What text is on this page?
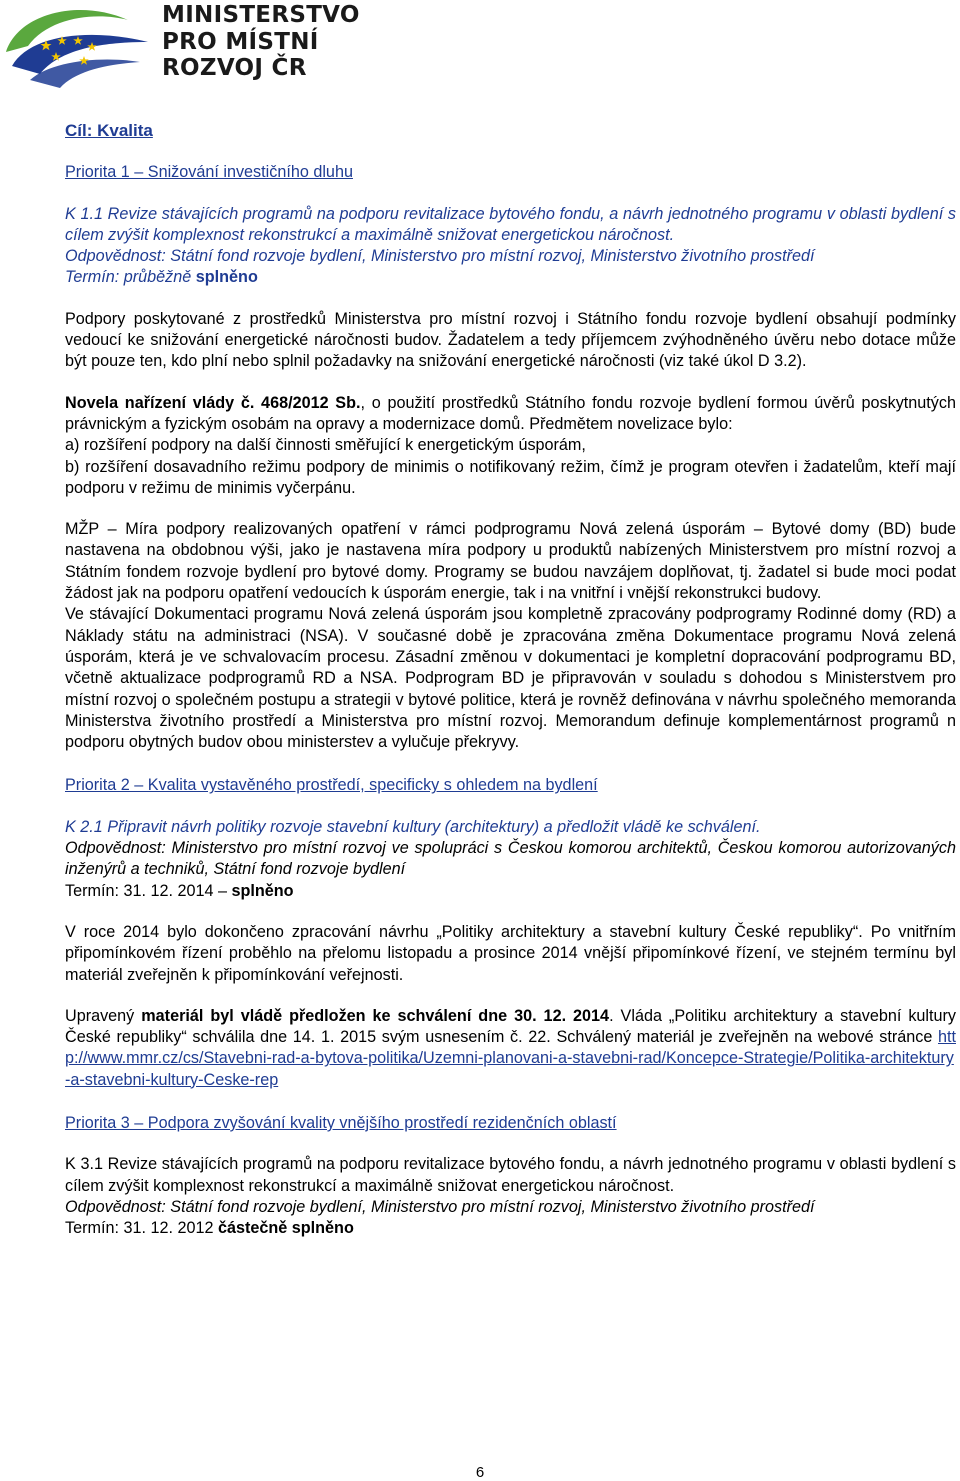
MINISTERSTVO
PRO MÍSTNÍ
ROZVOJ ČR

Cíl: Kvalita

Priorita 1 – Snižování investičního dluhu

K 1.1 Revize stávajících programů na podporu revitalizace bytového fondu, a návrh jednotného programu v oblasti bydlení s cílem zvýšit komplexnost rekonstrukcí a maximálně snižovat energetickou náročnost.

Odpovědnost: Státní fond rozvoje bydlení, Ministerstvo pro místní rozvoj, Ministerstvo životního prostředí

Termín: průběžně splněno

Podpory poskytované z prostředků Ministerstva pro místní rozvoj i Státního fondu rozvoje bydlení obsahují podmínky vedoucí ke snižování energetické náročnosti budov. Žadatelem a tedy příjemcem zvýhodněného úvěru nebo dotace může být pouze ten, kdo plní nebo splnil požadavky na snižování energetické náročnosti (viz také úkol D 3.2).

Novela nařízení vlády č. 468/2012 Sb., o použití prostředků Státního fondu rozvoje bydlení formou úvěrů poskytnutých právnickým a fyzickým osobám na opravy a modernizace domů. Předmětem novelizace bylo:

a) rozšíření podpory na další činnosti směřující k energetickým úsporám,

b) rozšíření dosavadního režimu podpory de minimis o notifikovaný režim, čímž je program otevřen i žadatelům, kteří mají podporu v režimu de minimis vyčerpánu.

MŽP – Míra podpory realizovaných opatření v rámci podprogramu Nová zelená úsporám – Bytové domy (BD) bude nastavena na obdobnou výši, jako je nastavena míra podpory u produktů nabízených Ministerstvem pro místní rozvoj a Státním fondem rozvoje bydlení pro bytové domy. Programy se budou navzájem doplňovat, tj. žadatel si bude moci podat žádost jak na podporu opatření vedoucích k úsporám energie, tak i na vnitřní i vnější rekonstrukci budovy.

Ve stávající Dokumentaci programu Nová zelená úsporám jsou kompletně zpracovány podprogramy Rodinné domy (RD) a Náklady státu na administraci (NSA). V současné době je zpracována změna Dokumentace programu Nová zelená úsporám, která je ve schvalovacím procesu. Zásadní změnou v dokumentaci je kompletní dopracování podprogramu BD, včetně aktualizace podprogramů RD a NSA. Podprogram BD je připravován v souladu s dohodou s Ministerstvem pro místní rozvoj o společném postupu a strategii v bytové politice, která je rovněž definována v návrhu společného memoranda Ministerstva životního prostředí a Ministerstva pro místní rozvoj. Memorandum definuje komplementárnost programů n podporu obytných budov obou ministerstev a vylučuje překryvy.

Priorita 2 – Kvalita vystavěného prostředí, specificky s ohledem na bydlení

K 2.1 Připravit návrh politiky rozvoje stavební kultury (architektury) a předložit vládě ke schválení.

Odpovědnost: Ministerstvo pro místní rozvoj ve spolupráci s Českou komorou architektů, Českou komorou autorizovaných inženýrů a techniků, Státní fond rozvoje bydlení

Termín: 31. 12. 2014 – splněno

V roce 2014 bylo dokončeno zpracování návrhu „Politiky architektury a stavební kultury České republiky“. Po vnitřním připomínkovém řízení proběhlo na přelomu listopadu a prosince 2014 vnější připomínkové řízení, ve stejném termínu byl materiál zveřejněn k připomínkování veřejnosti.

Upravený materiál byl vládě předložen ke schválení dne 30. 12. 2014. Vláda „Politiku architektury a stavební kultury České republiky“ schválila dne 14. 1. 2015 svým usnesením č. 22. Schválený materiál je zveřejněn na webové stránce http://www.mmr.cz/cs/Stavebni-rad-a-bytova-politika/Uzemni-planovani-a-stavebni-rad/Koncepce-Strategie/Politika-architektury-a-stavebni-kultury-Ceske-rep

Priorita 3 – Podpora zvyšování kvality vnějšího prostředí rezidenčních oblastí

K 3.1 Revize stávajících programů na podporu revitalizace bytového fondu, a návrh jednotného programu v oblasti bydlení s cílem zvýšit komplexnost rekonstrukcí a maximálně snižovat energetickou náročnost.

Odpovědnost: Státní fond rozvoje bydlení, Ministerstvo pro místní rozvoj, Ministerstvo životního prostředí

Termín: 31. 12. 2012 částečně splněno

6
